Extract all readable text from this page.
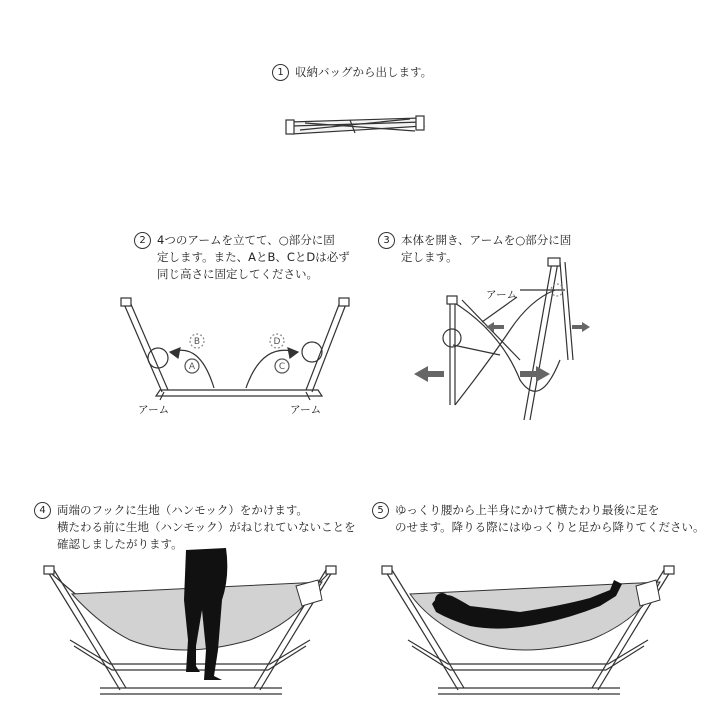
1 収納バッグから出します。
2 4つのアームを立てて、○部分に固
定します。また、AとB、CとDは必ず
同じ高さに固定してください。
3 本体を開き、アームを○部分に固
定します。
4 両端のフックに生地（ハンモック）をかけます。
横たわる前に生地（ハンモック）がねじれていないことを
確認しましたがります。
5 ゆっくり腰から上半身にかけて横たわり最後に足を
のせます。降りる際にはゆっくりと足から降りてください。
B	D
A	C
アーム	アーム
アーム
